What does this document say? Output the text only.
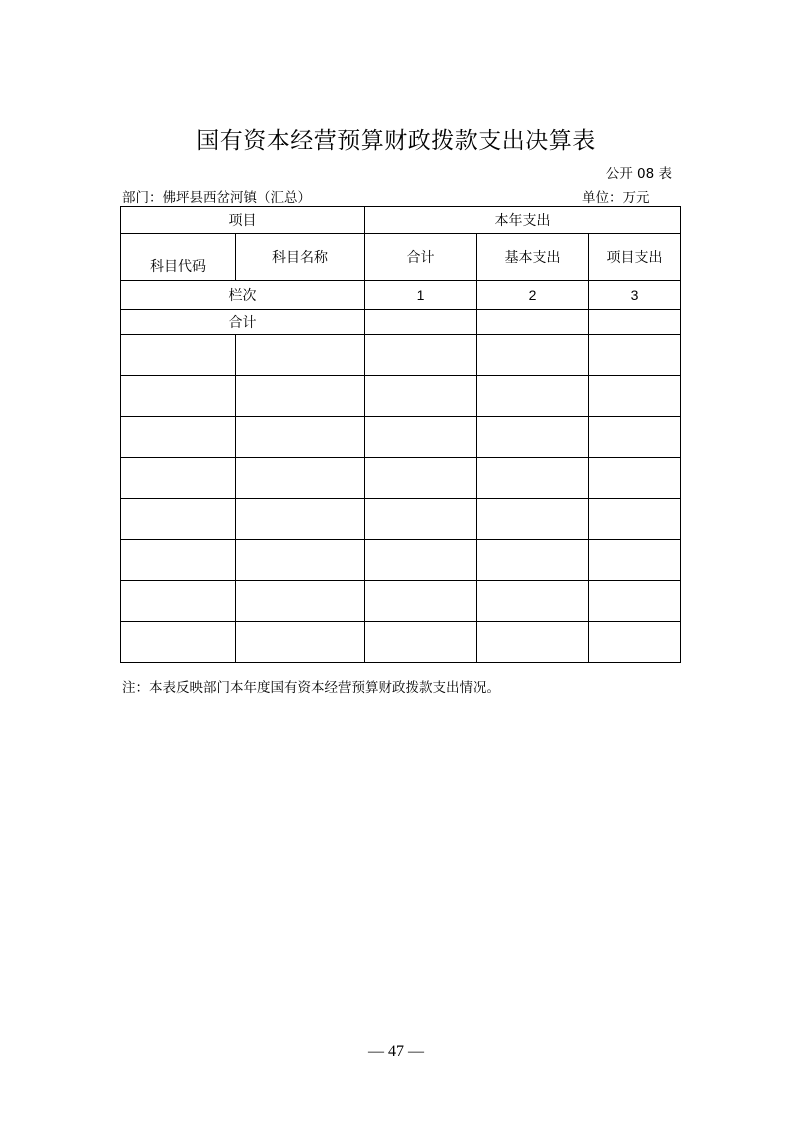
国有资本经营预算财政拨款支出决算表
公开 08 表
部门：佛坪县西岔河镇（汇总）	单位：万元
项目		本年支出		
科目代码	科目名称	合计	基本支出	项目支出
栏次		1	2	3
合计				

注：本表反映部门本年度国有资本经营预算财政拨款支出情况。
— 47 —
